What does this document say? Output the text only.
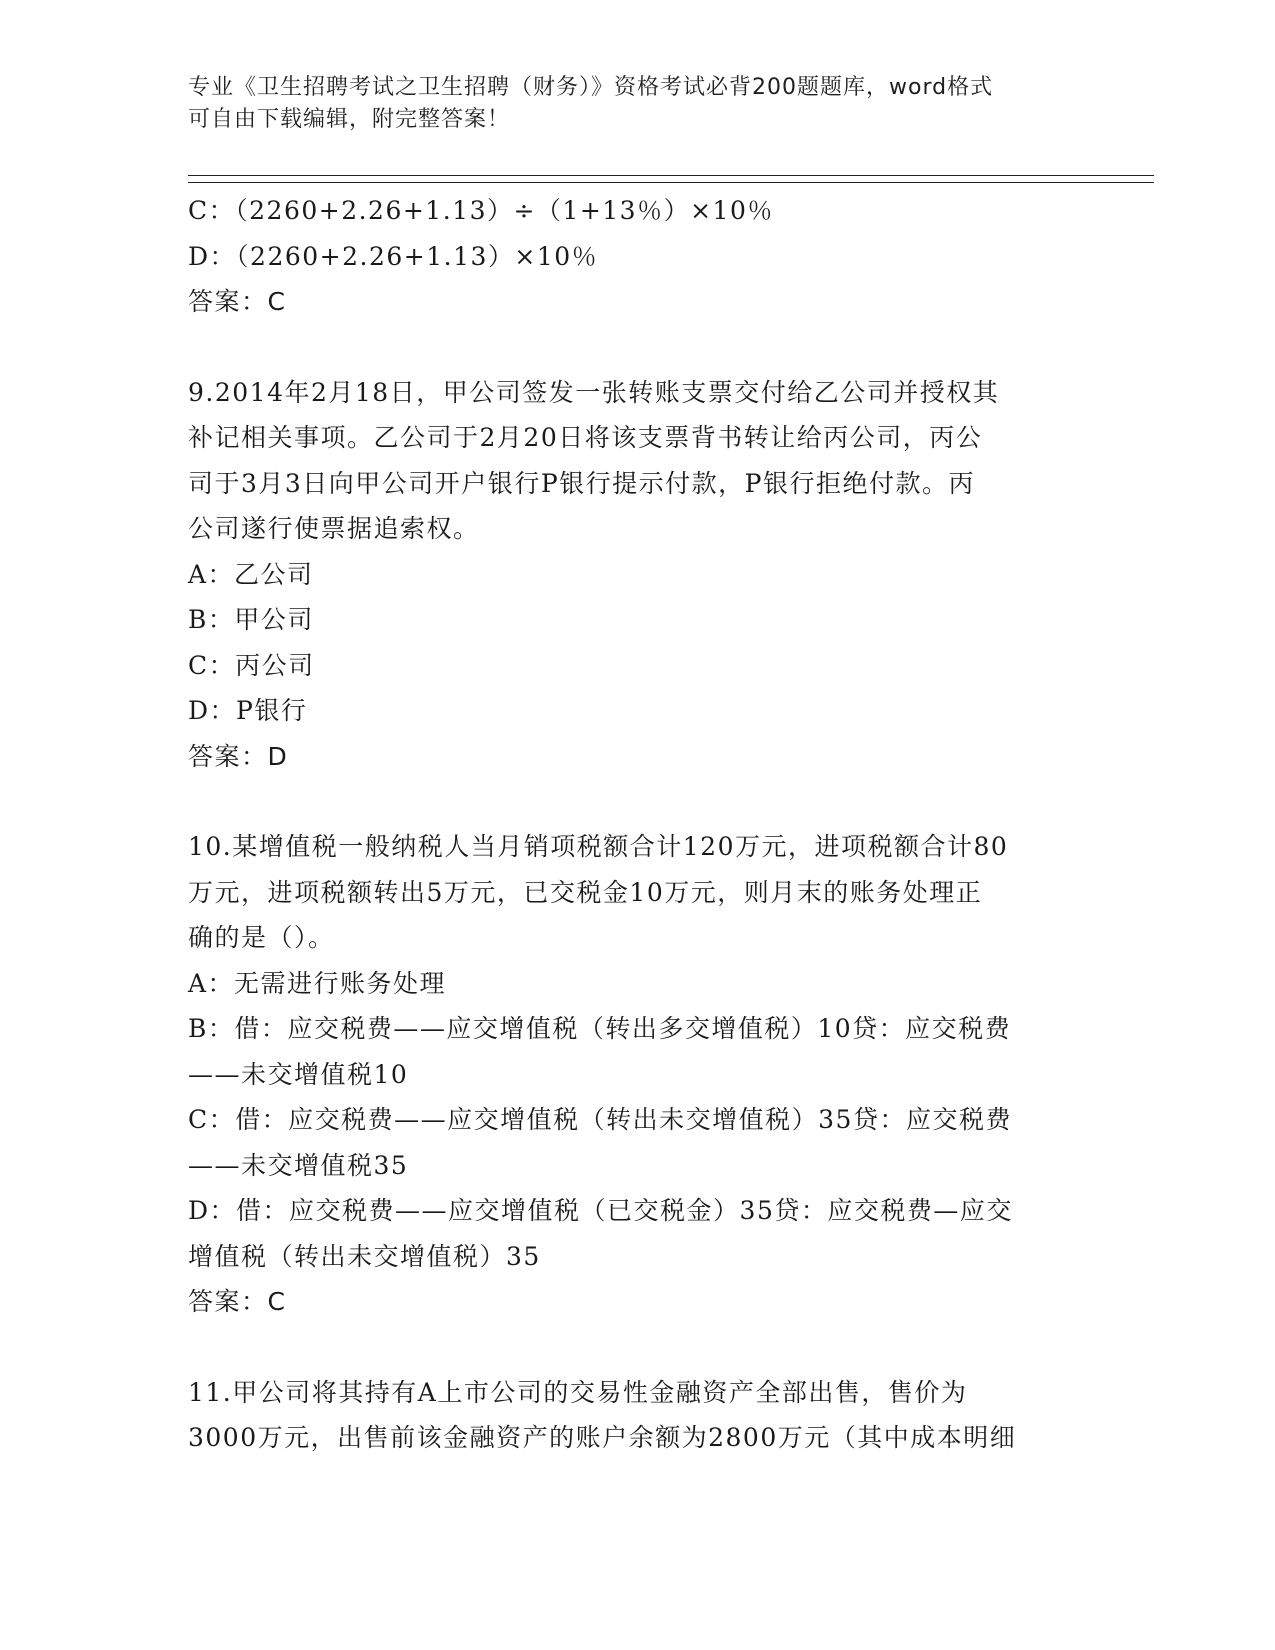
专业《卫生招聘考试之卫生招聘（财务）》资格考试必背200题题库，word格式
可自由下载编辑，附完整答案！
C：（2260+2.26+1.13）÷（1+13％）×10％
D：（2260+2.26+1.13）×10％
答案：C
9.2014年2月18日，甲公司签发一张转账支票交付给乙公司并授权其
补记相关事项。乙公司于2月20日将该支票背书转让给丙公司，丙公
司于3月3日向甲公司开户银行P银行提示付款，P银行拒绝付款。丙
公司遂行使票据追索权。
A：乙公司
B：甲公司
C：丙公司
D：P银行
答案：D
10.某增值税一般纳税人当月销项税额合计120万元，进项税额合计80
万元，进项税额转出5万元，已交税金10万元，则月末的账务处理正
确的是（）。
A：无需进行账务处理
B：借：应交税费——应交增值税（转出多交增值税）10贷：应交税费
——未交增值税10
C：借：应交税费——应交增值税（转出未交增值税）35贷：应交税费
——未交增值税35
D：借：应交税费——应交增值税（已交税金）35贷：应交税费—应交
增值税（转出未交增值税）35
答案：C
11.甲公司将其持有A上市公司的交易性金融资产全部出售，售价为
3000万元，出售前该金融资产的账户余额为2800万元（其中成本明细
